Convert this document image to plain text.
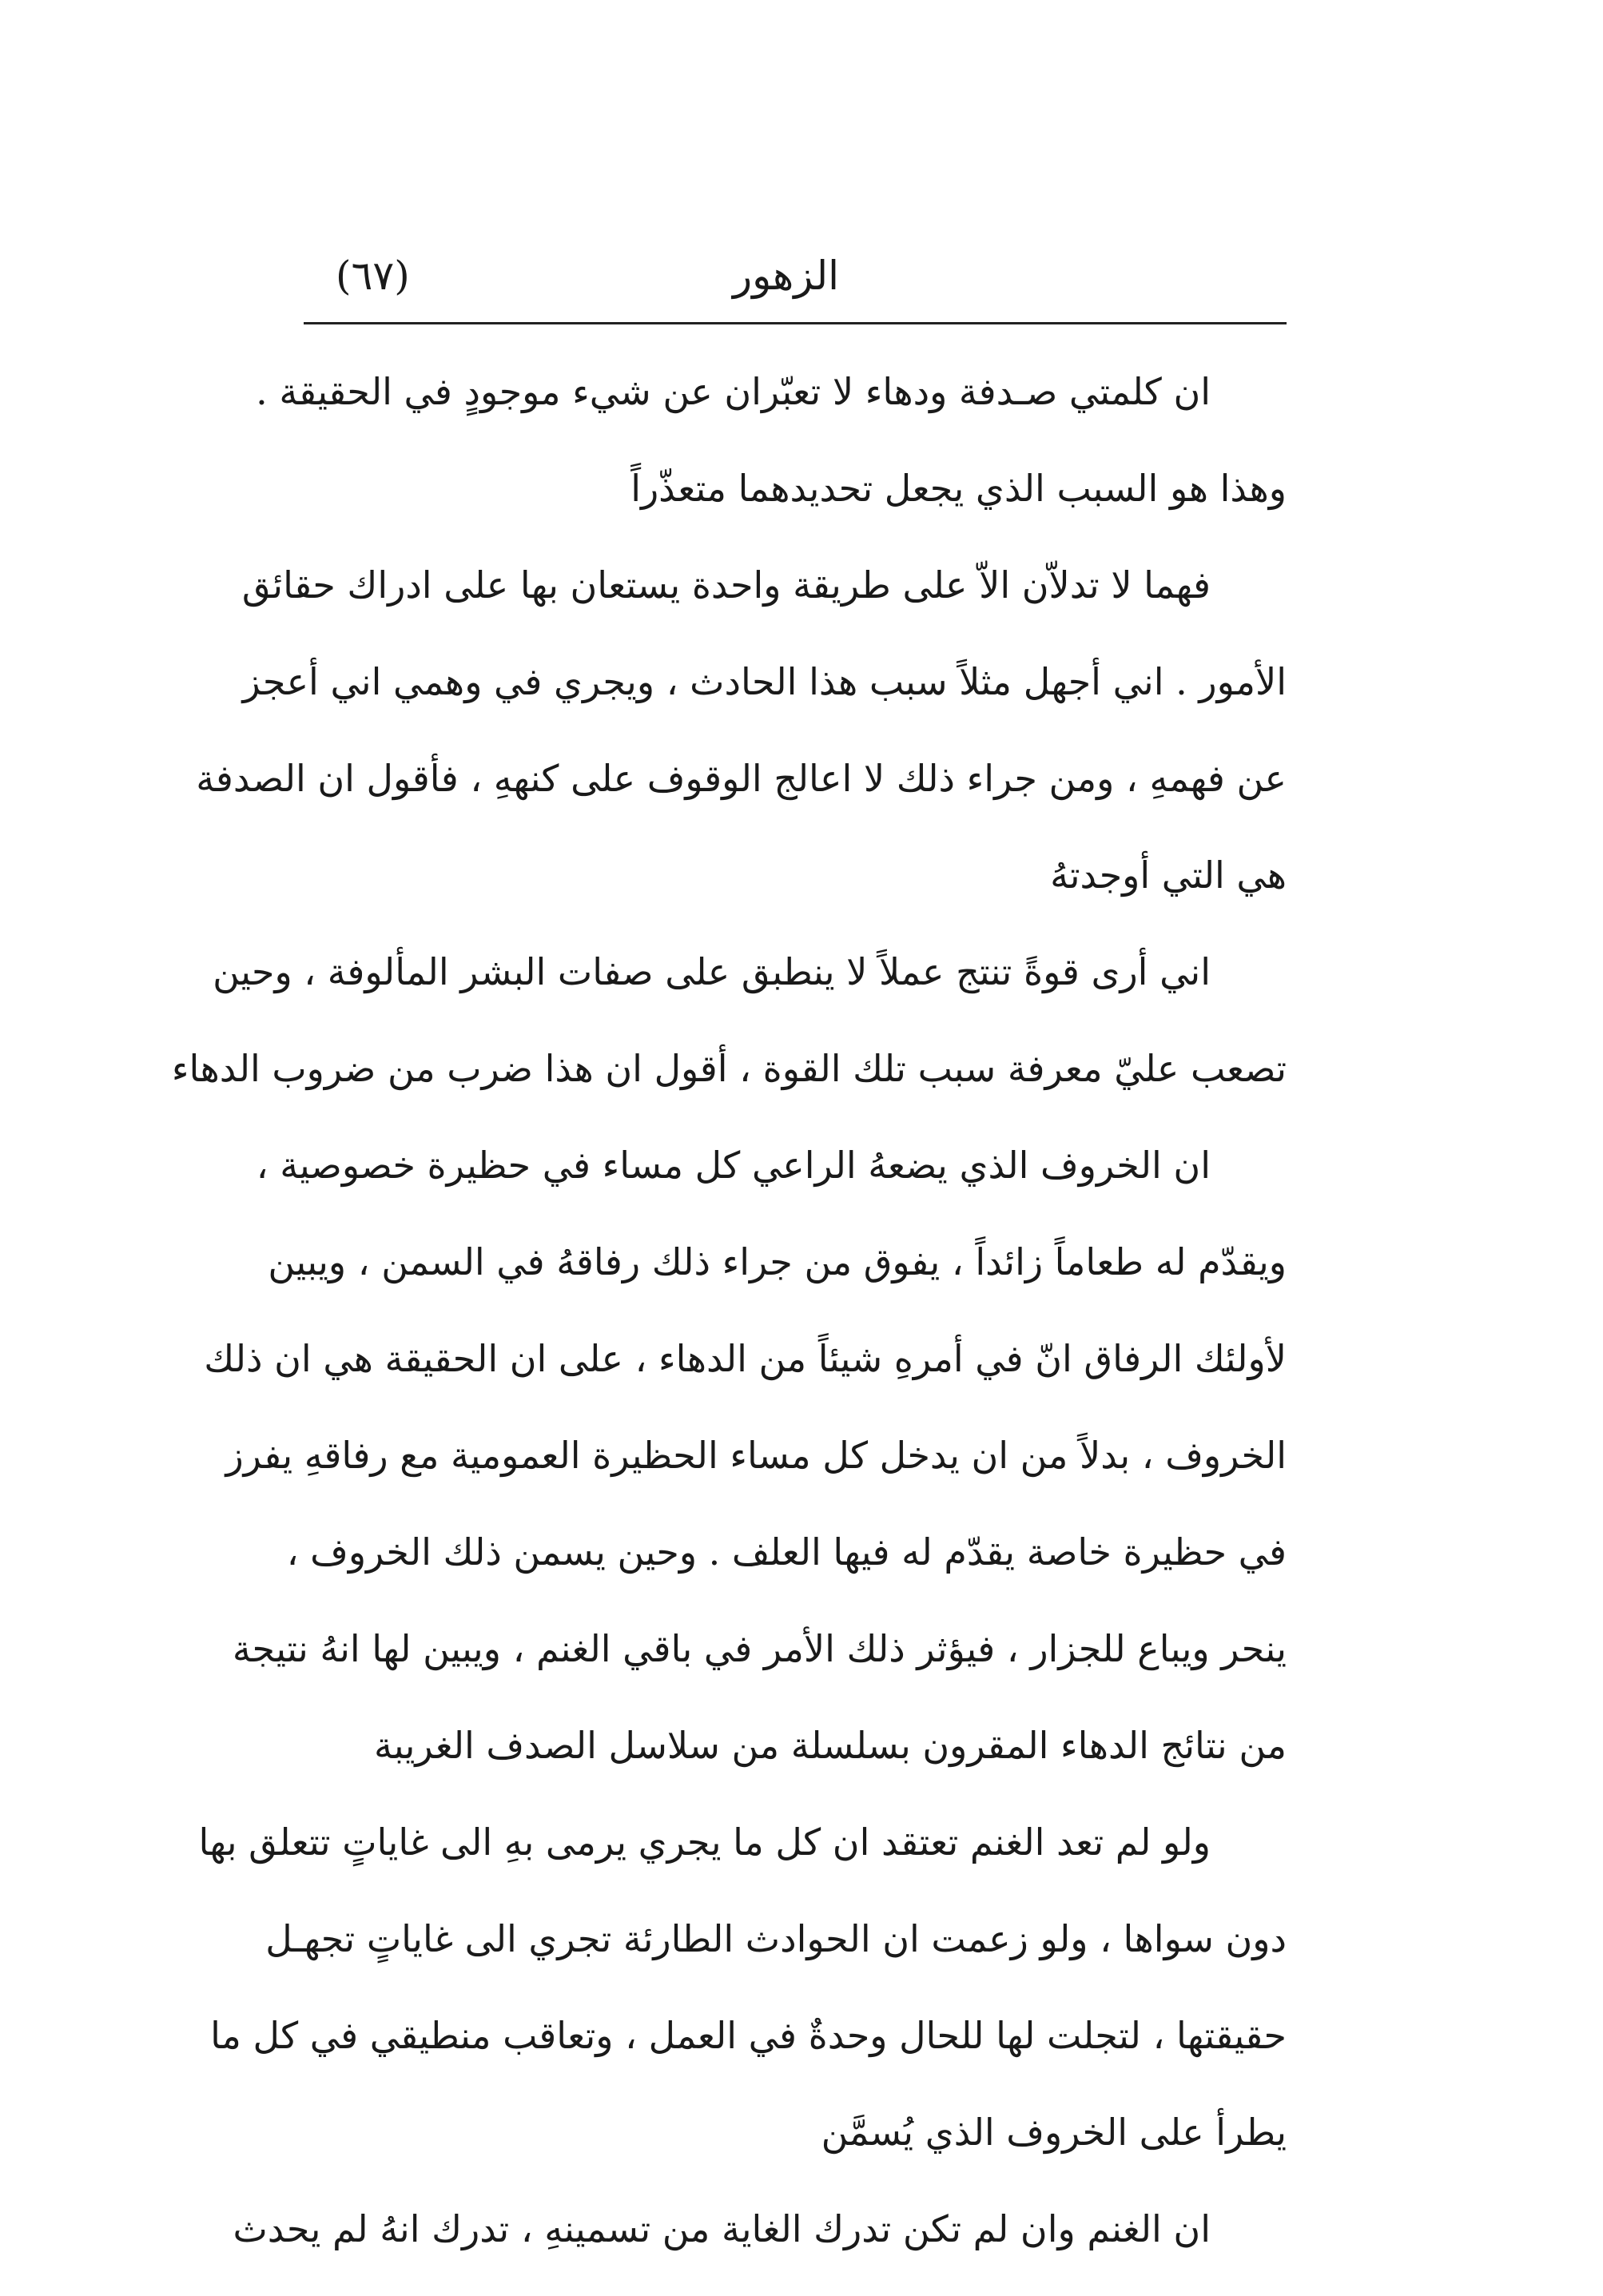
الزهور
(٦٧)
ان كلمتي صـدفة ودهاء لا تعبّران عن شيء موجودٍ في الحقيقة .
وهذا هو السبب الذي يجعل تحديدهما متعذّراً
فهما لا تدلاّن الاّ على طريقة واحدة يستعان بها على ادراك حقائق
الأمور . اني أجهل مثلاً سبب هذا الحادث ، ويجري في وهمي اني أعجز
عن فهمهِ ، ومن جراء ذلك لا اعالج الوقوف على كنههِ ، فأقول ان الصدفة
هي التي أوجدتهُ
اني أرى قوةً تنتج عملاً لا ينطبق على صفات البشر المألوفة ، وحين
تصعب عليّ معرفة سبب تلك القوة ، أقول ان هذا ضرب من ضروب الدهاء
ان الخروف الذي يضعهُ الراعي كل مساء في حظيرة خصوصية ،
ويقدّم له طعاماً زائداً ، يفوق من جراء ذلك رفاقهُ في السمن ، ويبين
لأولئك الرفاق انّ في أمرهِ شيئاً من الدهاء ، على ان الحقيقة هي ان ذلك
الخروف ، بدلاً من ان يدخل كل مساء الحظيرة العمومية مع رفاقهِ يفرز
في حظيرة خاصة يقدّم له فيها العلف . وحين يسمن ذلك الخروف ،
ينحر ويباع للجزار ، فيؤثر ذلك الأمر في باقي الغنم ، ويبين لها انهُ نتيجة
من نتائج الدهاء المقرون بسلسلة من سلاسل الصدف الغريبة
ولو لم تعد الغنم تعتقد ان كل ما يجري يرمى بهِ الى غاياتٍ تتعلق بها
دون سواها ، ولو زعمت ان الحوادث الطارئة تجري الى غاياتٍ تجهـل
حقيقتها ، لتجلت لها للحال وحدةٌ في العمل ، وتعاقب منطيقي في كل ما
يطرأ على الخروف الذي يُسمَّن
ان الغنم وان لم تكن تدرك الغاية من تسمينهِ ، تدرك انهُ لم يحدث
